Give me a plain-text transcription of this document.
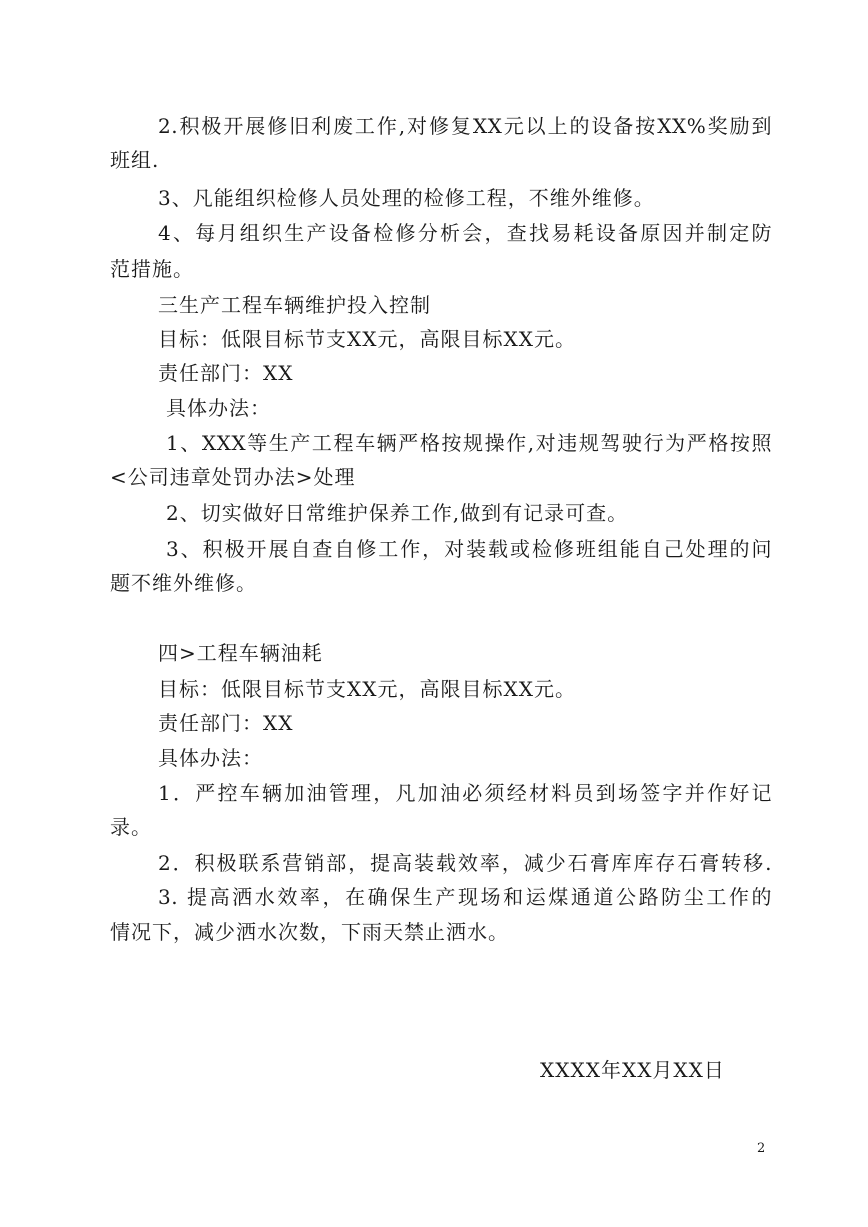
2.积极开展修旧利废工作,对修复XX元以上的设备按XX%奖励到
班组.
3、凡能组织检修人员处理的检修工程，不维外维修。
4、每月组织生产设备检修分析会，查找易耗设备原因并制定防
范措施。
三生产工程车辆维护投入控制
目标：低限目标节支XX元，高限目标XX元。
责任部门：XX
具体办法：
1、XXX等生产工程车辆严格按规操作,对违规驾驶行为严格按照
<公司违章处罚办法>处理
2、切实做好日常维护保养工作,做到有记录可查。
3、积极开展自查自修工作，对装载或检修班组能自己处理的问
题不维外维修。
四>工程车辆油耗
目标：低限目标节支XX元，高限目标XX元。
责任部门：XX
具体办法：
1．严控车辆加油管理，凡加油必须经材料员到场签字并作好记
录。
2．积极联系营销部，提高装载效率，减少石膏库库存石膏转移.
3. 提高洒水效率，在确保生产现场和运煤通道公路防尘工作的
情况下，减少洒水次数，下雨天禁止洒水。
XXXX年XX月XX日
2
